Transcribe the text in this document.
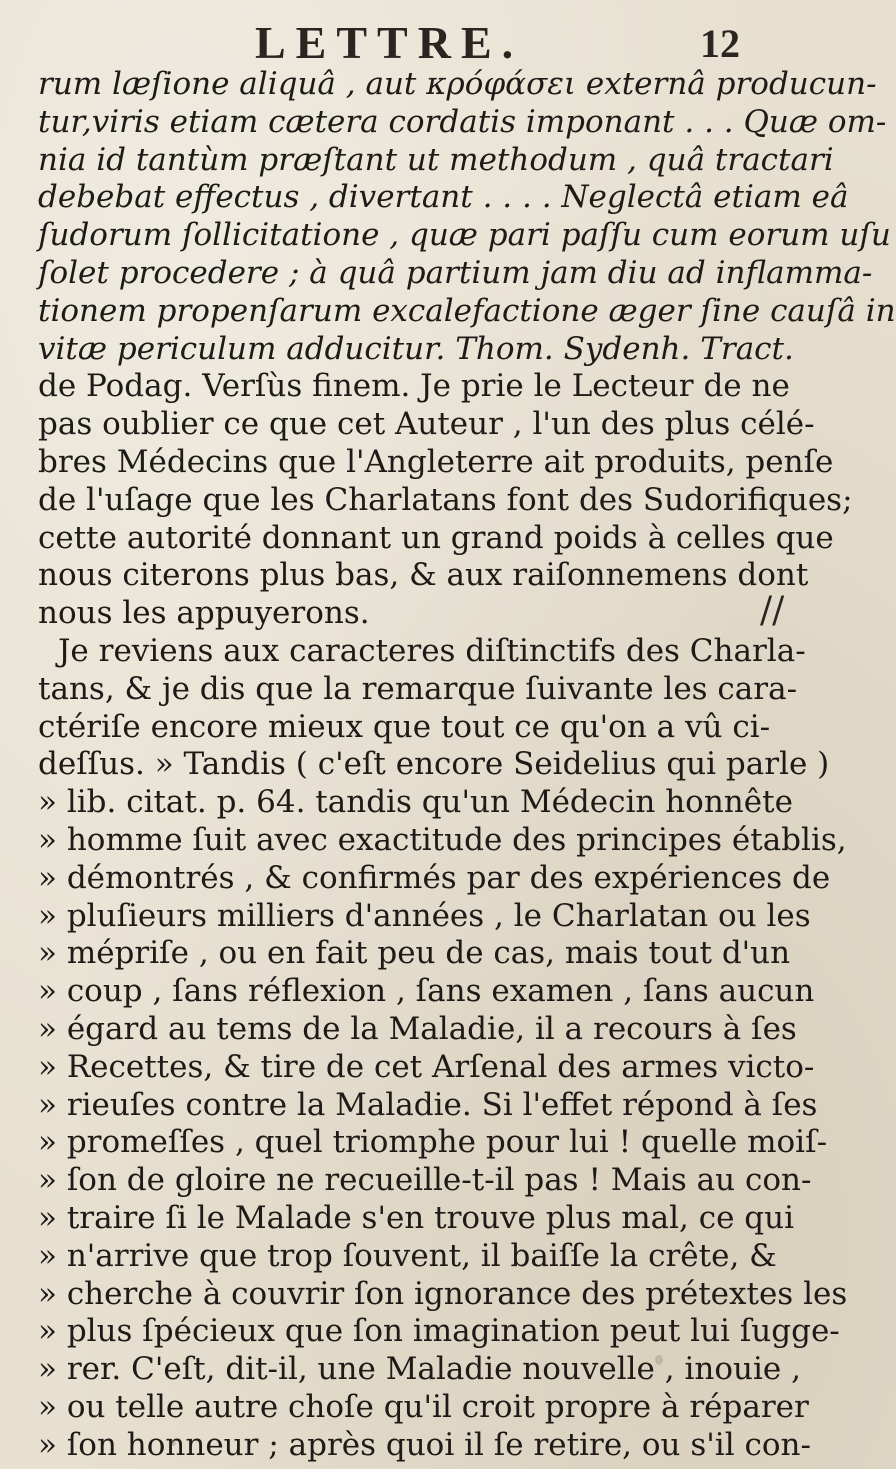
LETTRE.	12
rum læſione aliquâ , aut κρόφάσει externâ producun-
tur,viris etiam cætera cordatis imponant . . . Quæ om-
nia id tantùm præſtant ut methodum , quâ tractari
debebat effectus , divertant . . . . Neglectâ etiam eâ
ſudorum ſollicitatione , quæ pari paſſu cum eorum uſu
ſolet procedere ; à quâ partium jam diu ad inflamma-
tionem propenſarum excalefactione æger ſine cauſâ in
vitæ periculum adducitur. Thom. Sydenh. Tract.
de Podag. Verſùs finem. Je prie le Lecteur de ne
pas oublier ce que cet Auteur , l'un des plus célé-
bres Médecins que l'Angleterre ait produits, penſe
de l'uſage que les Charlatans font des Sudorifiques;
cette autorité donnant un grand poids à celles que
nous citerons plus bas, & aux raiſonnemens dont
nous les appuyerons.
Je reviens aux caracteres diſtinctifs des Charla-
tans, & je dis que la remarque ſuivante les cara-
ctériſe encore mieux que tout ce qu'on a vû ci-
deſſus. » Tandis ( c'eſt encore Seidelius qui parle )
» lib. citat. p. 64. tandis qu'un Médecin honnête
» homme ſuit avec exactitude des principes établis,
» démontrés , & confirmés par des expériences de
» pluſieurs milliers d'années , le Charlatan ou les
» mépriſe , ou en fait peu de cas, mais tout d'un
» coup , ſans réflexion , ſans examen , ſans aucun
» égard au tems de la Maladie, il a recours à ſes
» Recettes, & tire de cet Arſenal des armes victo-
» rieuſes contre la Maladie. Si l'effet répond à ſes
» promeſſes , quel triomphe pour lui ! quelle moiſ-
» ſon de gloire ne recueille-t-il pas ! Mais au con-
» traire ſi le Malade s'en trouve plus mal, ce qui
» n'arrive que trop ſouvent, il baiſſe la crête, &
» cherche à couvrir ſon ignorance des prétextes les
» plus ſpécieux que ſon imagination peut lui ſugge-
» rer. C'eſt, dit-il, une Maladie nouvelle , inouie ,
» ou telle autre choſe qu'il croit propre à réparer
» ſon honneur ; après quoi il ſe retire, ou s'il con-
//
